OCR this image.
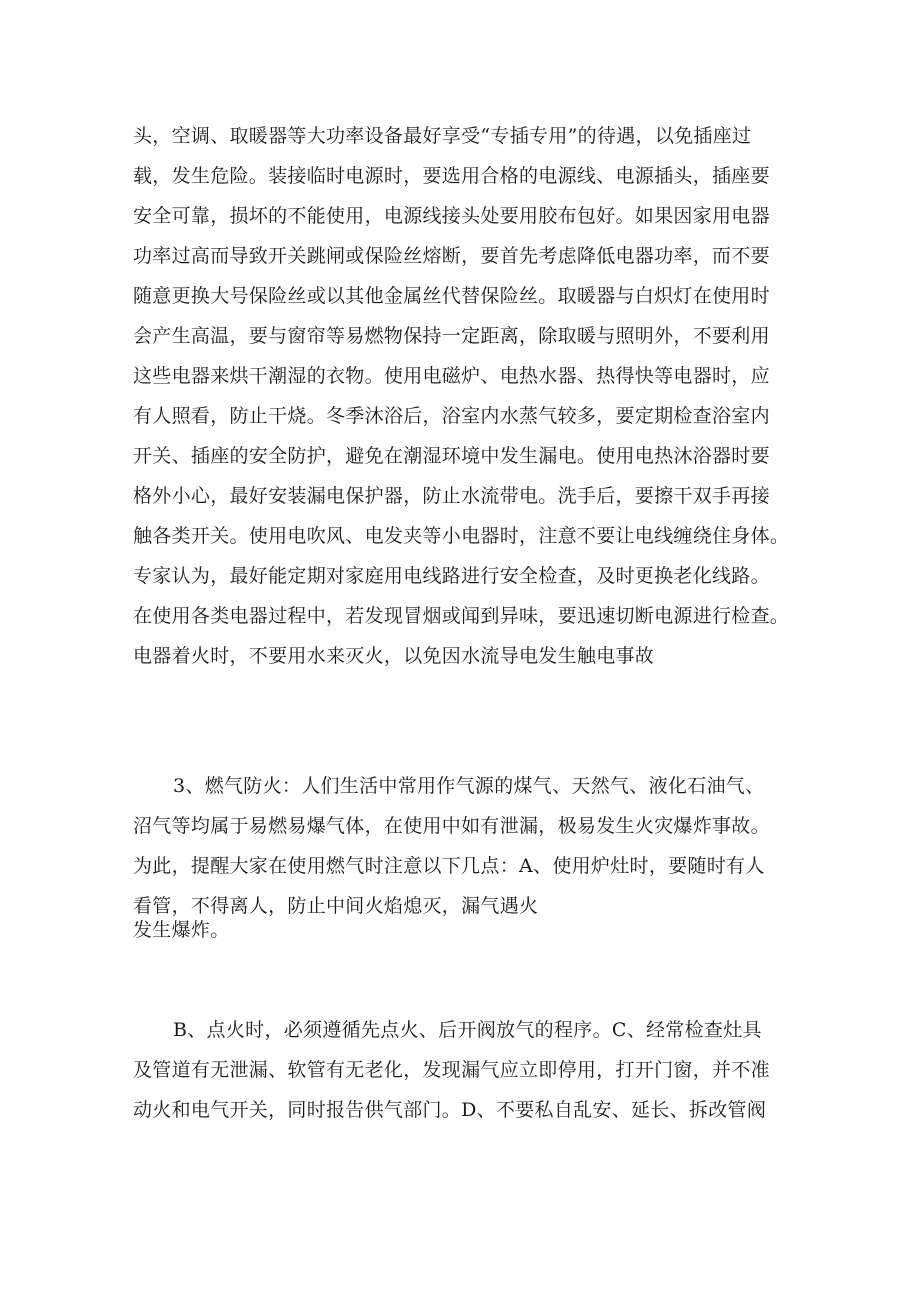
头，空调、取暖器等大功率设备最好享受“专插专用”的待遇，以免插座过
载，发生危险。装接临时电源时，要选用合格的电源线、电源插头，插座要
安全可靠，损坏的不能使用，电源线接头处要用胶布包好。如果因家用电器
功率过高而导致开关跳闸或保险丝熔断，要首先考虑降低电器功率，而不要
随意更换大号保险丝或以其他金属丝代替保险丝。取暖器与白炽灯在使用时
会产生高温，要与窗帘等易燃物保持一定距离，除取暖与照明外，不要利用
这些电器来烘干潮湿的衣物。使用电磁炉、电热水器、热得快等电器时，应
有人照看，防止干烧。冬季沐浴后，浴室内水蒸气较多，要定期检查浴室内
开关、插座的安全防护，避免在潮湿环境中发生漏电。使用电热沐浴器时要
格外小心，最好安装漏电保护器，防止水流带电。洗手后，要擦干双手再接
触各类开关。使用电吹风、电发夹等小电器时，注意不要让电线缠绕住身体。
专家认为，最好能定期对家庭用电线路进行安全检查，及时更换老化线路。
在使用各类电器过程中，若发现冒烟或闻到异味，要迅速切断电源进行检查。
电器着火时，不要用水来灭火，以免因水流导电发生触电事故
3、燃气防火：人们生活中常用作气源的煤气、天然气、液化石油气、
沼气等均属于易燃易爆气体，在使用中如有泄漏，极易发生火灾爆炸事故。
为此，提醒大家在使用燃气时注意以下几点：A、使用炉灶时，要随时有人
看管，不得离人，防止中间火焰熄灭，漏气遇火
发生爆炸。
B、点火时，必须遵循先点火、后开阀放气的程序。C、经常检查灶具
及管道有无泄漏、软管有无老化，发现漏气应立即停用，打开门窗，并不准
动火和电气开关，同时报告供气部门。D、不要私自乱安、延长、拆改管阀
